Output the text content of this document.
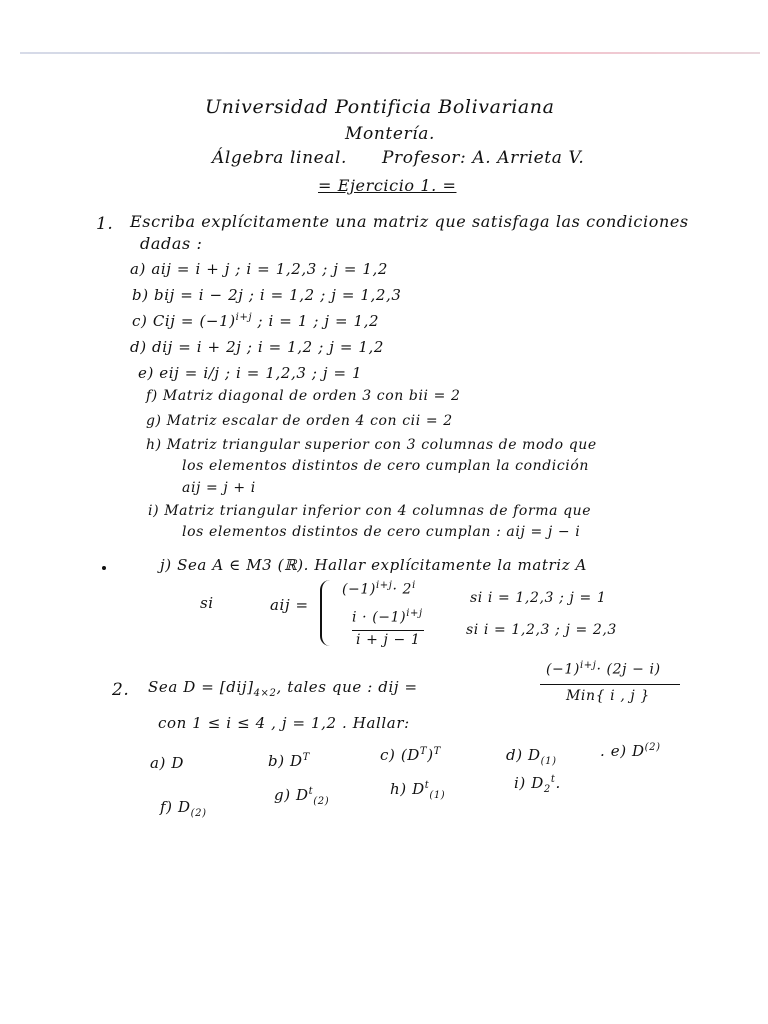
Universidad Pontificia Bolivariana
Montería.
Álgebra lineal. Profesor: A. Arrieta V.
= Ejercicio 1. =
1. Escriba explícitamente una matriz que satisfaga las condiciones
dadas :
a) aij = i + j ; i = 1,2,3 ; j = 1,2
b) bij = i − 2j ; i = 1,2 ; j = 1,2,3
c) Cij = $(-1)^{i+j}$ ; i = 1 ; j = 1,2
d) dij = i + 2j ; i = 1,2 ; j = 1,2
e) eij = i/j ; i = 1,2,3 ; j = 1
f) Matriz diagonal de orden 3 con bii = 2
g) Matriz escalar de orden 4 con cii = 2
h) Matriz triangular superior con 3 columnas de modo que
los elementos distintos de cero cumplan la condición
aij = j + i
i) Matriz triangular inferior con 4 columnas de forma que
los elementos distintos de cero cumplan : aij = j − i
j) Sea A ∈ M3 (ℝ). Hallar explícitamente la matriz A
si	aij =
$(-1)^{i+j}\cdot 2^i$
si i = 1,2,3 ; j = 1
$i \cdot (-1)^{i+j}$
i + j − 1
si i = 1,2,3 ; j = 2,3
2. Sea $D = [dij]_{4\times 2}$, tales que : dij =
$(-1)^{i+j}\cdot (2j - i)$
Min{ i , j }
con 1 ≤ i ≤ 4 , j = 1,2 . Hallar:
a) D	b) $D^T$	c) $(D^T)^T$	d) $D_{(1)}$
. e) $D^{(2)}$
f) $D_{(2)}$
g) $D^t_{(2)}$
h) $D^t_{(1)}$
i) $D_2^t$.
